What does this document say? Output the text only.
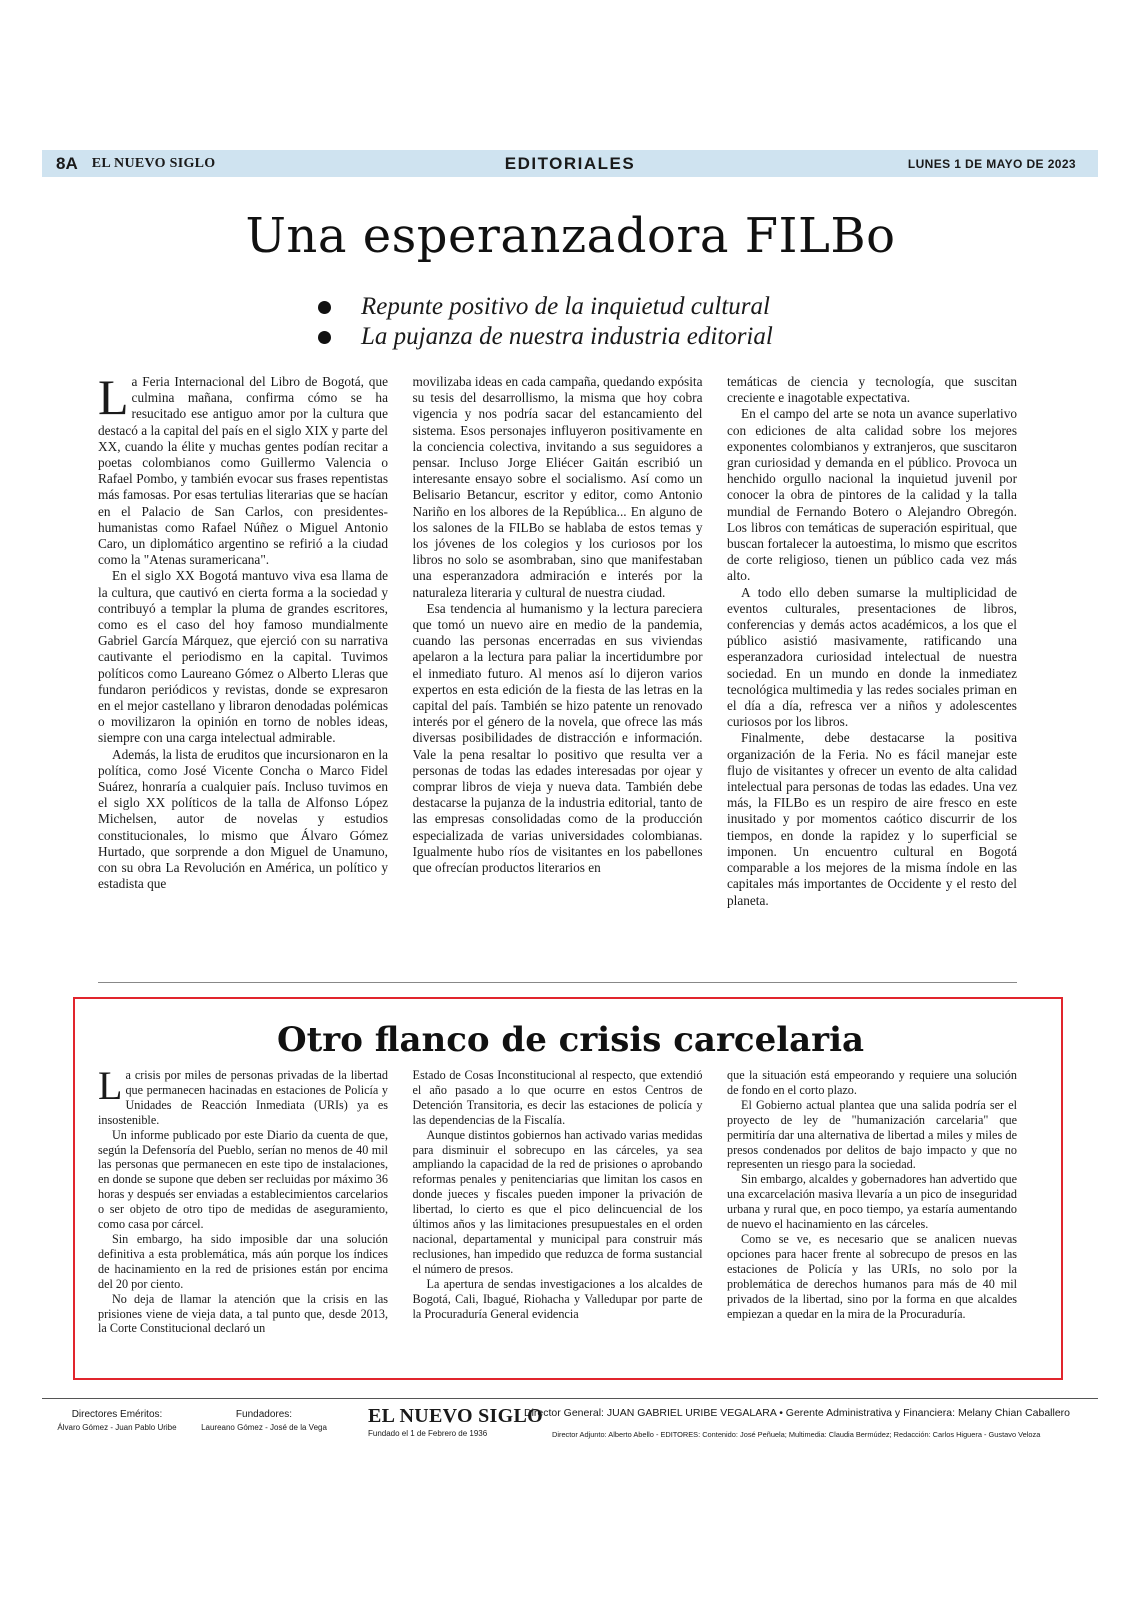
8A EL NUEVO SIGLO	EDITORIALES	LUNES 1 DE MAYO DE 2023
Una esperanzadora FILBo
Repunte positivo de la inquietud cultural
La pujanza de nuestra industria editorial
L a Feria Internacional del Libro de Bogotá, que culmina mañana, confirma cómo se ha resucitado ese antiguo amor por la cultura que destacó a la capital del país en el siglo XIX y parte del XX, cuando la élite y muchas gentes podían recitar a poetas colombianos como Guillermo Valencia o Rafael Pombo, y también evocar sus frases repentistas más famosas. Por esas tertulias literarias que se hacían en el Palacio de San Carlos, con presidentes-humanistas como Rafael Núñez o Miguel Antonio Caro, un diplomático argentino se refirió a la ciudad como la "Atenas suramericana".

En el siglo XX Bogotá mantuvo viva esa llama de la cultura, que cautivó en cierta forma a la sociedad y contribuyó a templar la pluma de grandes escritores, como es el caso del hoy famoso mundialmente Gabriel García Márquez, que ejerció con su narrativa cautivante el periodismo en la capital. Tuvimos políticos como Laureano Gómez o Alberto Lleras que fundaron periódicos y revistas, donde se expresaron en el mejor castellano y libraron denodadas polémicas o movilizaron la opinión en torno de nobles ideas, siempre con una carga intelectual admirable.

Además, la lista de eruditos que incursionaron en la política, como José Vicente Concha o Marco Fidel Suárez, honraría a cualquier país. Incluso tuvimos en el siglo XX políticos de la talla de Alfonso López Michelsen, autor de novelas y estudios constitucionales, lo mismo que Álvaro Gómez Hurtado, que sorprende a don Miguel de Unamuno, con su obra La Revolución en América, un político y estadista que

movilizaba ideas en cada campaña, quedando expósita su tesis del desarrollismo, la misma que hoy cobra vigencia y nos podría sacar del estancamiento del sistema. Esos personajes influyeron positivamente en la conciencia colectiva, invitando a sus seguidores a pensar. Incluso Jorge Eliécer Gaitán escribió un interesante ensayo sobre el socialismo. Así como un Belisario Betancur, escritor y editor, como Antonio Nariño en los albores de la República... En alguno de los salones de la FILBo se hablaba de estos temas y los jóvenes de los colegios y los curiosos por los libros no solo se asombraban, sino que manifestaban una esperanzadora admiración e interés por la naturaleza literaria y cultural de nuestra ciudad.

Esa tendencia al humanismo y la lectura pareciera que tomó un nuevo aire en medio de la pandemia, cuando las personas encerradas en sus viviendas apelaron a la lectura para paliar la incertidumbre por el inmediato futuro. Al menos así lo dijeron varios expertos en esta edición de la fiesta de las letras en la capital del país. También se hizo patente un renovado interés por el género de la novela, que ofrece las más diversas posibilidades de distracción e información. Vale la pena resaltar lo positivo que resulta ver a personas de todas las edades interesadas por ojear y comprar libros de vieja y nueva data. También debe destacarse la pujanza de la industria editorial, tanto de las empresas consolidadas como de la producción especializada de varias universidades colombianas. Igualmente hubo ríos de visitantes en los pabellones que ofrecían productos literarios en

temáticas de ciencia y tecnología, que suscitan creciente e inagotable expectativa.

En el campo del arte se nota un avance superlativo con ediciones de alta calidad sobre los mejores exponentes colombianos y extranjeros, que suscitaron gran curiosidad y demanda en el público. Provoca un henchido orgullo nacional la inquietud juvenil por conocer la obra de pintores de la calidad y la talla mundial de Fernando Botero o Alejandro Obregón. Los libros con temáticas de superación espiritual, que buscan fortalecer la autoestima, lo mismo que escritos de corte religioso, tienen un público cada vez más alto.

A todo ello deben sumarse la multiplicidad de eventos culturales, presentaciones de libros, conferencias y demás actos académicos, a los que el público asistió masivamente, ratificando una esperanzadora curiosidad intelectual de nuestra sociedad. En un mundo en donde la inmediatez tecnológica multimedia y las redes sociales priman en el día a día, refresca ver a niños y adolescentes curiosos por los libros.

Finalmente, debe destacarse la positiva organización de la Feria. No es fácil manejar este flujo de visitantes y ofrecer un evento de alta calidad intelectual para personas de todas las edades. Una vez más, la FILBo es un respiro de aire fresco en este inusitado y por momentos caótico discurrir de los tiempos, en donde la rapidez y lo superficial se imponen. Un encuentro cultural en Bogotá comparable a los mejores de la misma índole en las capitales más importantes de Occidente y el resto del planeta.

Otro flanco de crisis carcelaria
L a crisis por miles de personas privadas de la libertad que permanecen hacinadas en estaciones de Policía y Unidades de Reacción Inmediata (URIs) ya es insostenible.

Un informe publicado por este Diario da cuenta de que, según la Defensoría del Pueblo, serían no menos de 40 mil las personas que permanecen en este tipo de instalaciones, en donde se supone que deben ser recluidas por máximo 36 horas y después ser enviadas a establecimientos carcelarios o ser objeto de otro tipo de medidas de aseguramiento, como casa por cárcel.

Sin embargo, ha sido imposible dar una solución definitiva a esta problemática, más aún porque los índices de hacinamiento en la red de prisiones están por encima del 20 por ciento.

No deja de llamar la atención que la crisis en las prisiones viene de vieja data, a tal punto que, desde 2013, la Corte Constitucional declaró un

Estado de Cosas Inconstitucional al respecto, que extendió el año pasado a lo que ocurre en estos Centros de Detención Transitoria, es decir las estaciones de policía y las dependencias de la Fiscalía.

Aunque distintos gobiernos han activado varias medidas para disminuir el sobrecupo en las cárceles, ya sea ampliando la capacidad de la red de prisiones o aprobando reformas penales y penitenciarias que limitan los casos en donde jueces y fiscales pueden imponer la privación de libertad, lo cierto es que el pico delincuencial de los últimos años y las limitaciones presupuestales en el orden nacional, departamental y municipal para construir más reclusiones, han impedido que reduzca de forma sustancial el número de presos.

La apertura de sendas investigaciones a los alcaldes de Bogotá, Cali, Ibagué, Riohacha y Valledupar por parte de la Procuraduría General evidencia

que la situación está empeorando y requiere una solución de fondo en el corto plazo.

El Gobierno actual plantea que una salida podría ser el proyecto de ley de "humanización carcelaria" que permitiría dar una alternativa de libertad a miles y miles de presos condenados por delitos de bajo impacto y que no representen un riesgo para la sociedad.

Sin embargo, alcaldes y gobernadores han advertido que una excarcelación masiva llevaría a un pico de inseguridad urbana y rural que, en poco tiempo, ya estaría aumentando de nuevo el hacinamiento en las cárceles.

Como se ve, es necesario que se analicen nuevas opciones para hacer frente al sobrecupo de presos en las estaciones de Policía y las URIs, no solo por la problemática de derechos humanos para más de 40 mil privados de la libertad, sino por la forma en que alcaldes empiezan a quedar en la mira de la Procuraduría.

Directores Eméritos:
Álvaro Gómez - Juan Pablo Uribe
Fundadores:
Laureano Gómez - José de la Vega
EL NUEVO SIGLO
Fundado el 1 de Febrero de 1936
Director General: JUAN GABRIEL URIBE VEGALARA • Gerente Administrativa y Financiera: Melany Chian Caballero
Director Adjunto: Alberto Abello - EDITORES: Contenido: José Peñuela; Multimedia: Claudia Bermúdez; Redacción: Carlos Higuera - Gustavo Veloza
